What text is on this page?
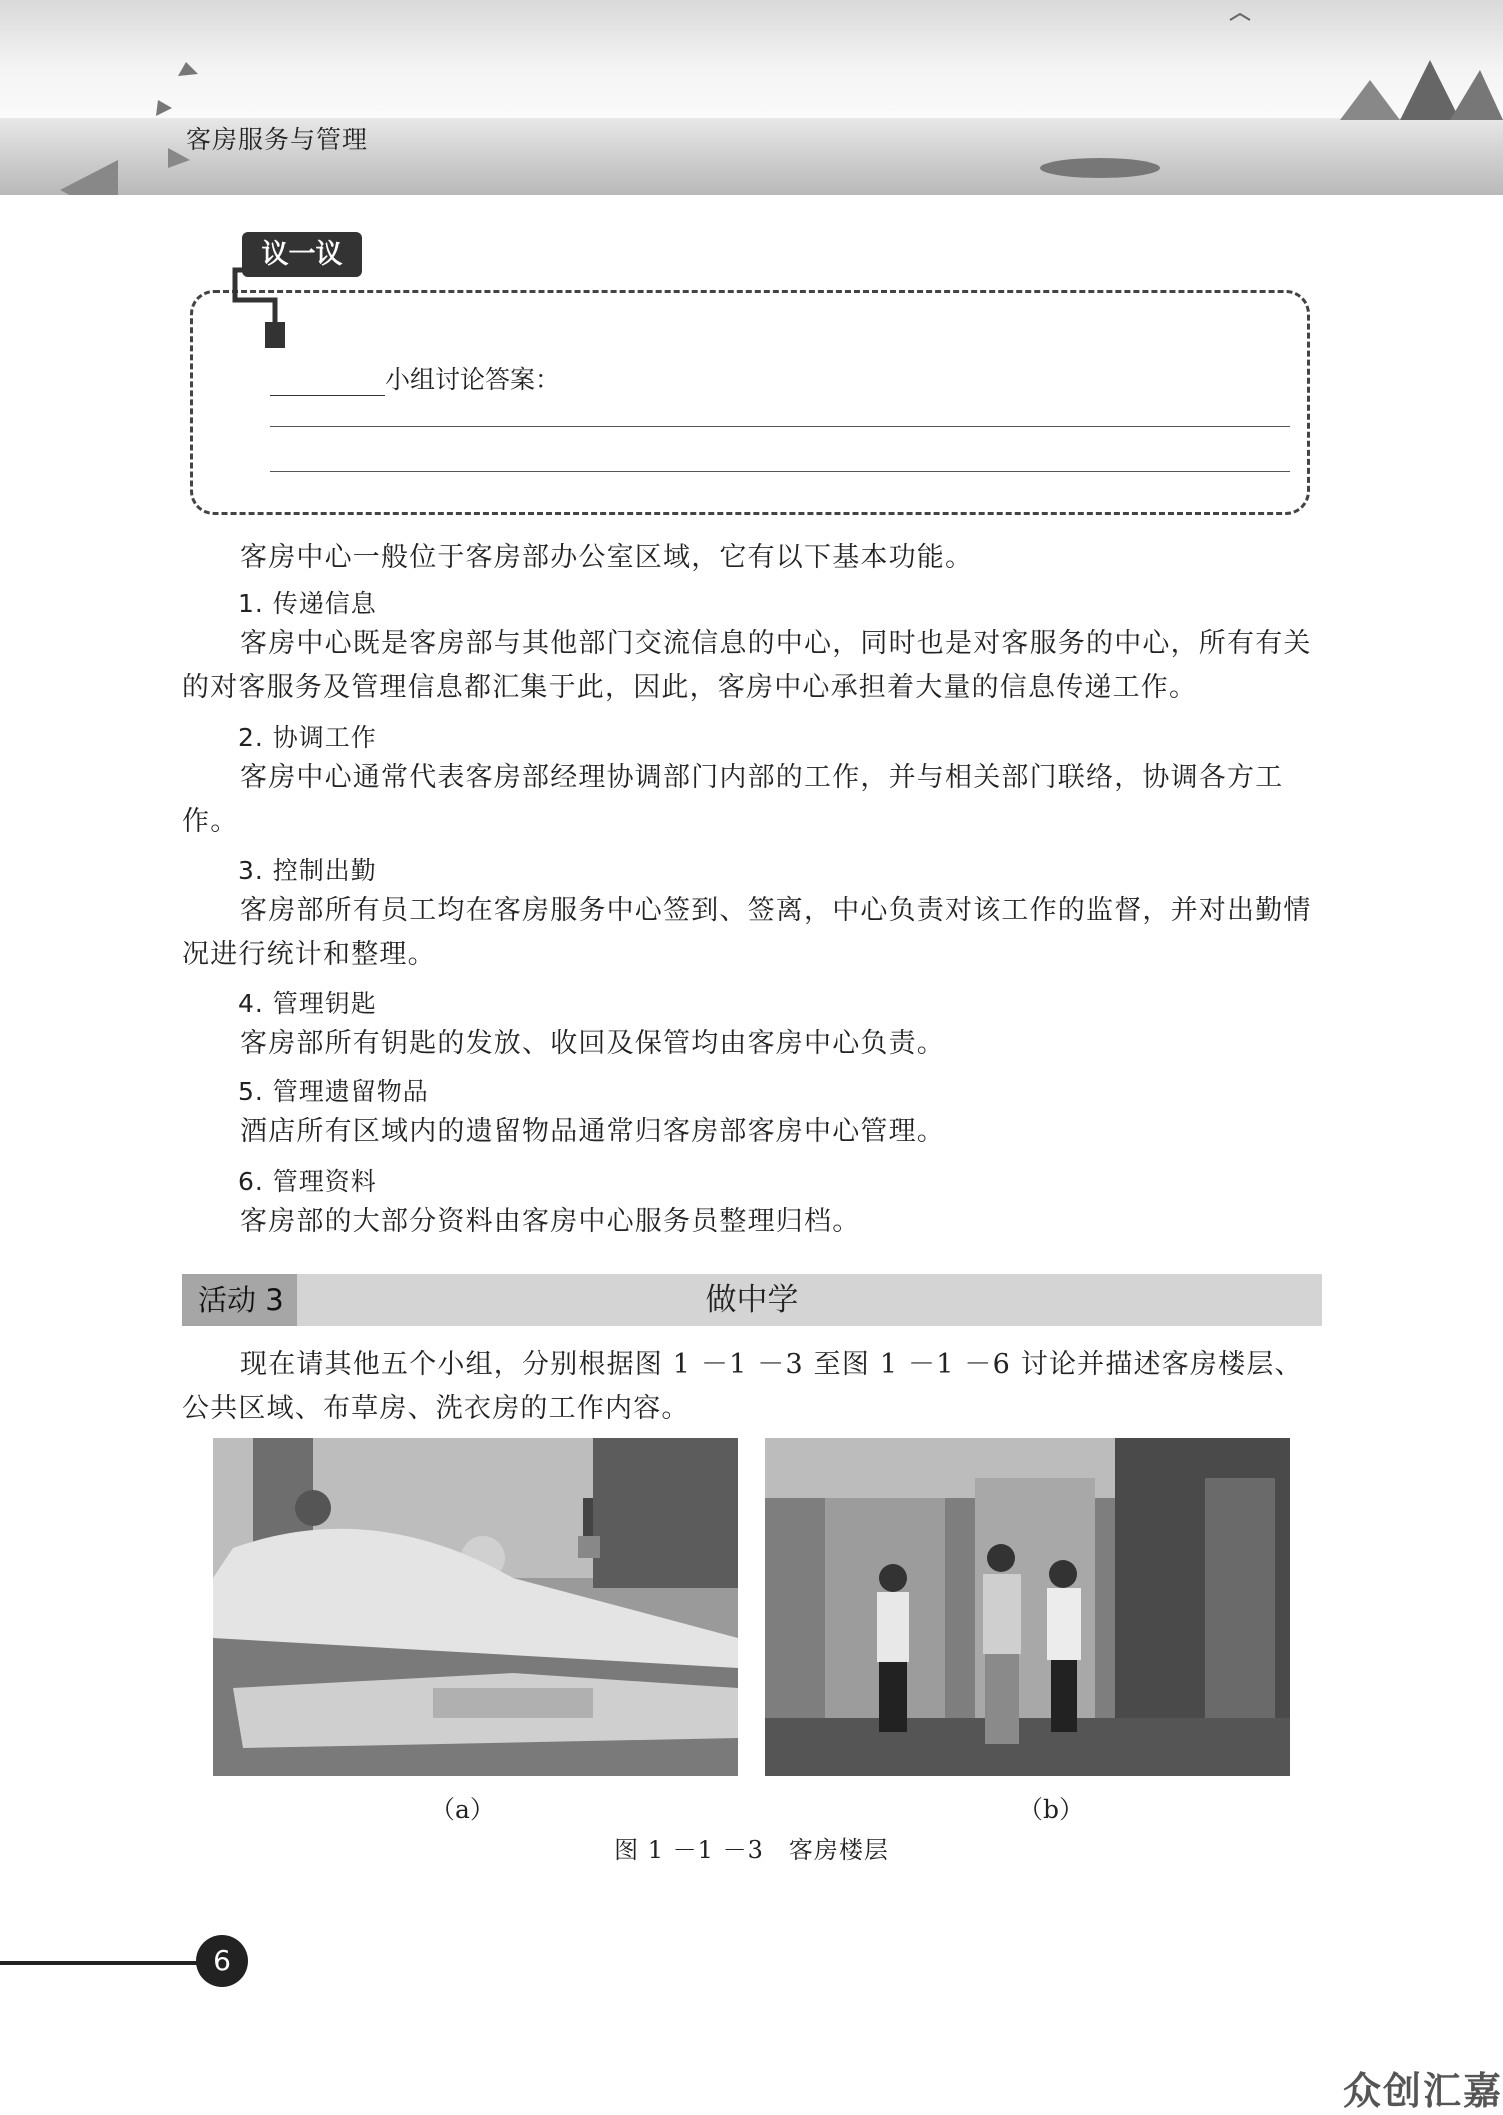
客房服务与管理
议一议
小组讨论答案：

客房中心一般位于客房部办公室区域，它有以下基本功能。

1. 传递信息

客房中心既是客房部与其他部门交流信息的中心，同时也是对客服务的中心，所有有关的对客服务及管理信息都汇集于此，因此，客房中心承担着大量的信息传递工作。

2. 协调工作

客房中心通常代表客房部经理协调部门内部的工作，并与相关部门联络，协调各方工作。

3. 控制出勤

客房部所有员工均在客房服务中心签到、签离，中心负责对该工作的监督，并对出勤情况进行统计和整理。

4. 管理钥匙

客房部所有钥匙的发放、收回及保管均由客房中心负责。

5. 管理遗留物品

酒店所有区域内的遗留物品通常归客房部客房中心管理。

6. 管理资料

客房部的大部分资料由客房中心服务员整理归档。

做中学
活动 3

现在请其他五个小组，分别根据图 1 －1 －3 至图 1 －1 －6 讨论并描述客房楼层、公共区域、布草房、洗衣房的工作内容。

（a）	（b）
图 1 －1 －3　客房楼层
6
众创汇嘉
